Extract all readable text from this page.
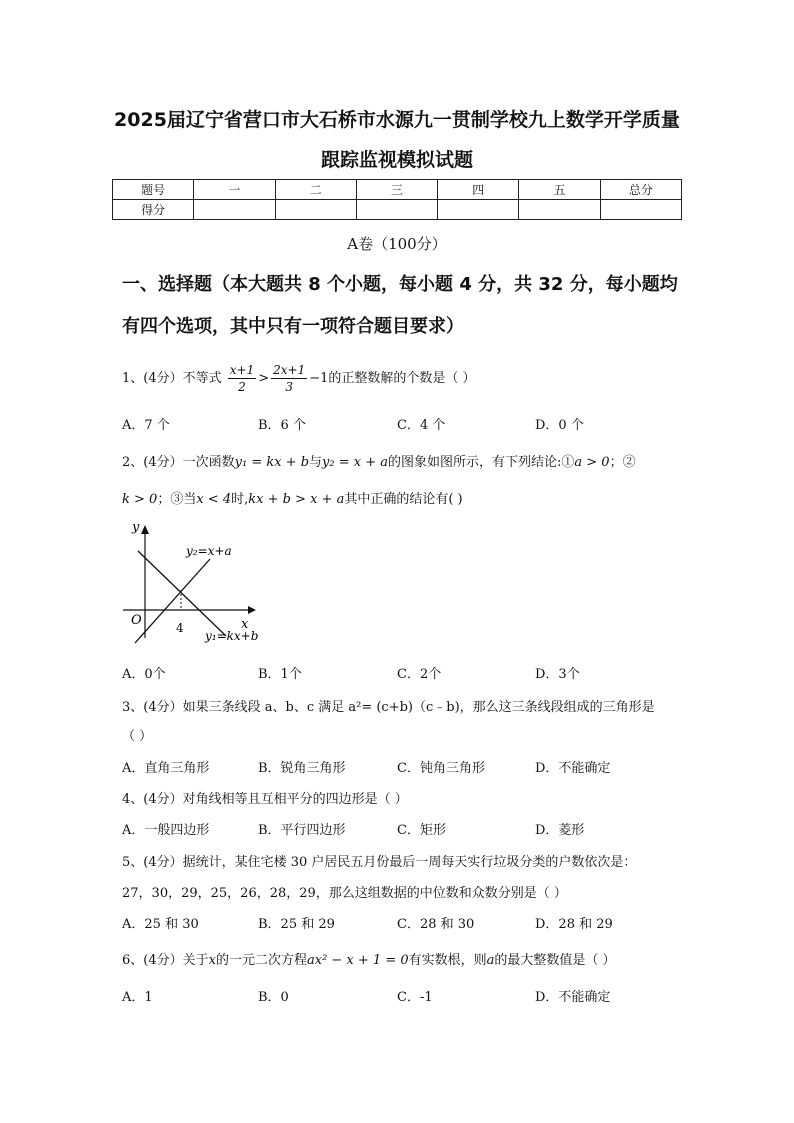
2025届辽宁省营口市大石桥市水源九一贯制学校九上数学开学质量
跟踪监视模拟试题
题号	一	二	三	四	五	总分
得分						
A卷（100分）
一、选择题（本大题共 8 个小题，每小题 4 分，共 32 分，每小题均
有四个选项，其中只有一项符合题目要求）
1、(4分）不等式 $\frac{x+1}{2} > \frac{2x+1}{3} -1$的正整数解的个数是（ ）
A．7 个	B．6 个	C．4 个	D．0 个
2、(4分）一次函数y₁ = kx + b与y₂ = x + a的图象如图所示，有下列结论:①a > 0；②
k > 0；③当x < 4时,kx + b > x + a其中正确的结论有( )
y
x
O	4
y₂=x+a
y₁=kx+b
A．0个	B．1个	C．2个	D．3个
3、(4分）如果三条线段 a、b、c 满足 a²= (c+b)（c﹣b)，那么这三条线段组成的三角形是
（ ）
A．直角三角形	B．锐角三角形	C．钝角三角形	D．不能确定
4、(4分）对角线相等且互相平分的四边形是（ ）
A．一般四边形	B．平行四边形	C．矩形	D．菱形
5、(4分）据统计，某住宅楼 30 户居民五月份最后一周每天实行垃圾分类的户数依次是：
27，30，29，25，26，28，29，那么这组数据的中位数和众数分别是（ ）
A．25 和 30	B．25 和 29	C．28 和 30	D．28 和 29
6、(4分）关于x的一元二次方程ax² − x + 1 = 0有实数根，则a的最大整数值是（ ）
A．1	B．0	C．-1	D．不能确定
